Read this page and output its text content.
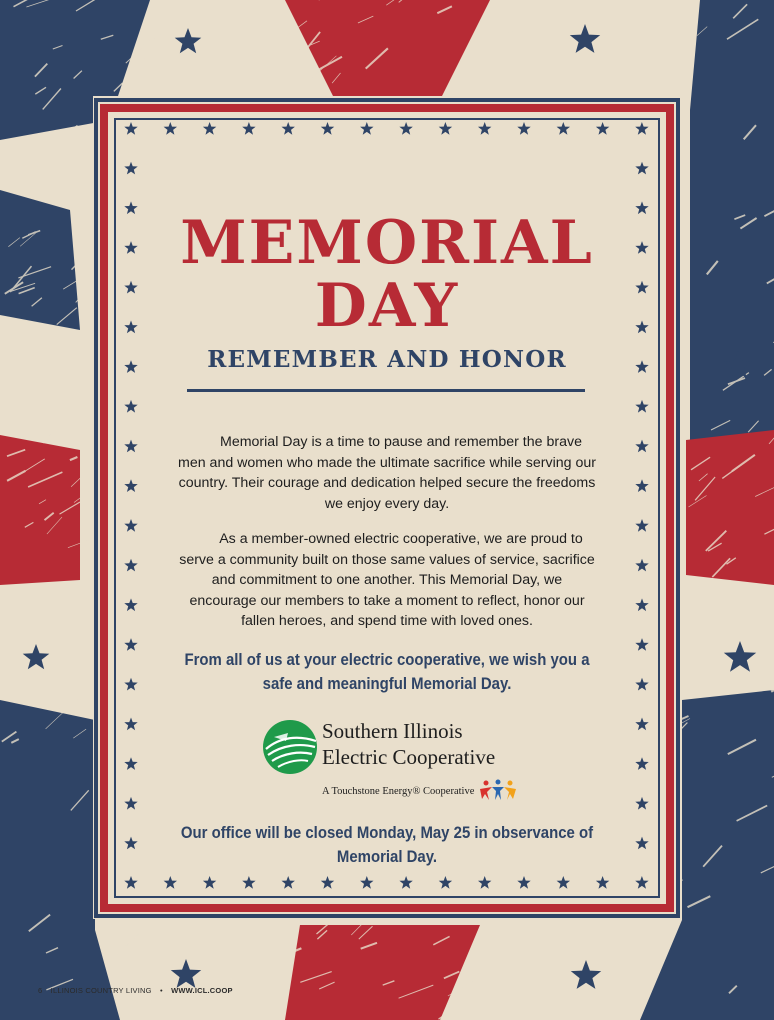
MEMORIAL
DAY
REMEMBER AND HONOR

Memorial Day is a time to pause and remember the brave men and women who made the ultimate sacrifice while serving our country. Their courage and dedication helped secure the freedoms we enjoy every day.

As a member-owned electric cooperative, we are proud to serve a community built on those same values of service, sacrifice and commitment to one another. This Memorial Day, we encourage our members to take a moment to reflect, honor our fallen heroes, and spend time with loved ones.

From all of us at your electric cooperative, we wish you a safe and meaningful Memorial Day.

Southern Illinois
Electric Cooperative
A Touchstone Energy® Cooperative

Our office will be closed Monday, May 25 in observance of Memorial Day.

6 ILLINOIS COUNTRY LIVING • WWW.ICL.COOP
